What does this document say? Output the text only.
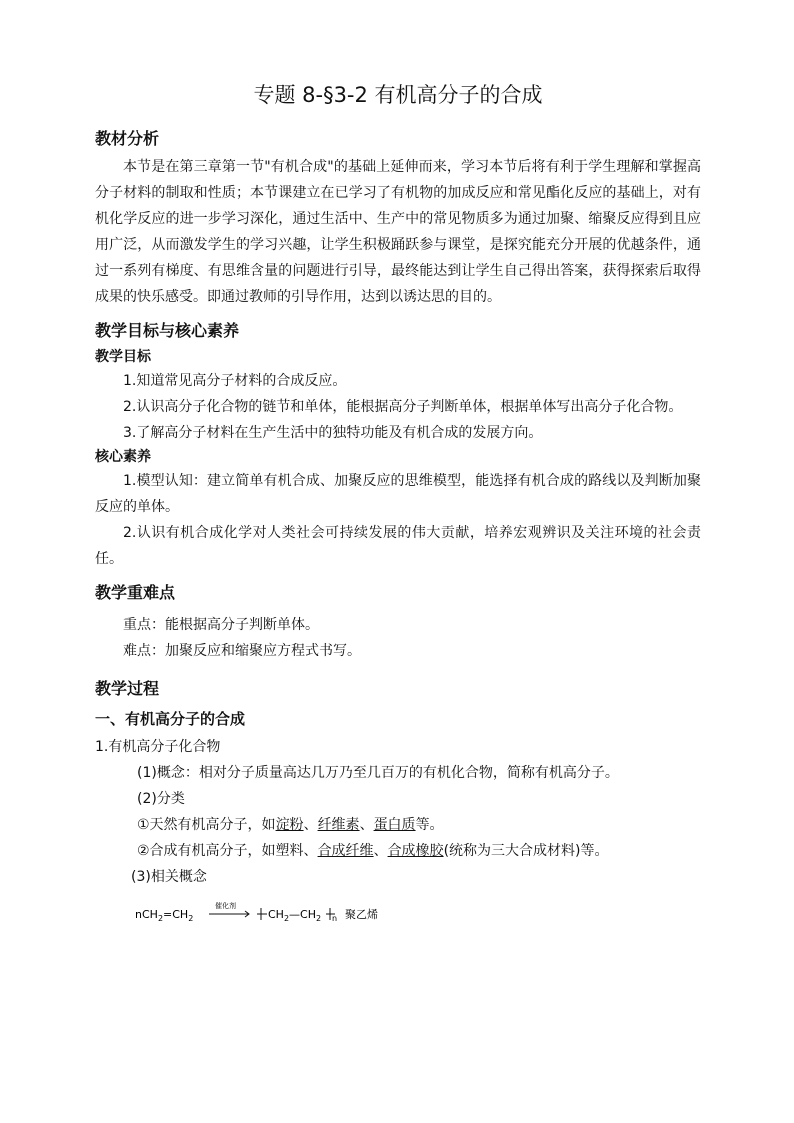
专题 8-§3-2 有机高分子的合成
教材分析

本节是在第三章第一节"有机合成"的基础上延伸而来，学习本节后将有利于学生理解和掌握高分子材料的制取和性质；本节课建立在已学习了有机物的加成反应和常见酯化反应的基础上，对有机化学反应的进一步学习深化，通过生活中、生产中的常见物质多为通过加聚、缩聚反应得到且应用广泛，从而激发学生的学习兴趣，让学生积极踊跃参与课堂，是探究能充分开展的优越条件，通过一系列有梯度、有思维含量的问题进行引导，最终能达到让学生自己得出答案，获得探索后取得成果的快乐感受。即通过教师的引导作用，达到以诱达思的目的。

教学目标与核心素养
教学目标

1.知道常见高分子材料的合成反应。

2.认识高分子化合物的链节和单体，能根据高分子判断单体，根据单体写出高分子化合物。

3.了解高分子材料在生产生活中的独特功能及有机合成的发展方向。

核心素养

1.模型认知：建立简单有机合成、加聚反应的思维模型，能选择有机合成的路线以及判断加聚反应的单体。

2.认识有机合成化学对人类社会可持续发展的伟大贡献，培养宏观辨识及关注环境的社会责任。

教学重难点

重点：能根据高分子判断单体。

难点：加聚反应和缩聚应方程式书写。

教学过程
一、有机高分子的合成

1.有机高分子化合物

(1)概念：相对分子质量高达几万乃至几百万的有机化合物，简称有机高分子。

(2)分类

①天然有机高分子，如淀粉、纤维素、蛋白质等。

②合成有机高分子，如塑料、合成纤维、合成橡胶(统称为三大合成材料)等。

(3)相关概念

$nCH_2=CH_2$
催化剂
$CH_2—CH_2$ n 聚乙烯
